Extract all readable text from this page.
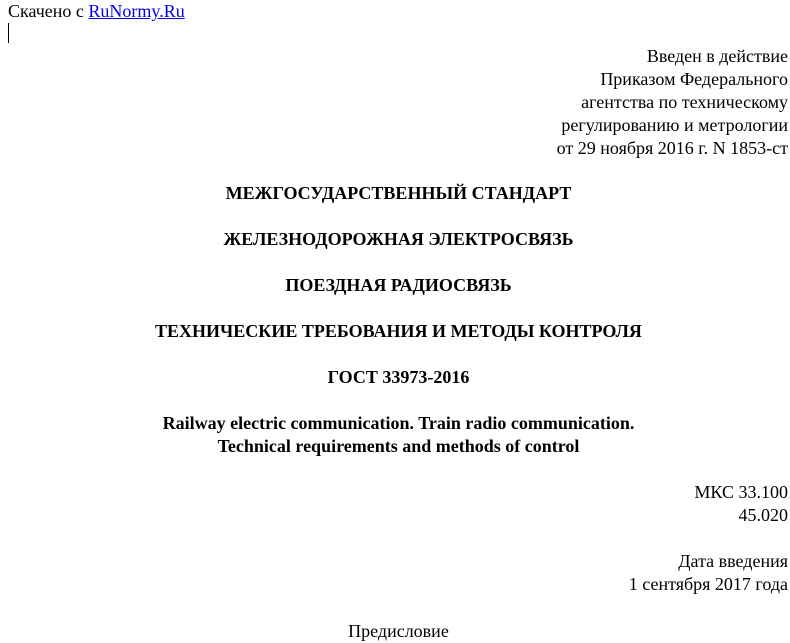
Скачено с RuNormy.Ru
Введен в действие
Приказом Федерального
агентства по техническому
регулированию и метрологии
от 29 ноября 2016 г. N 1853-ст
МЕЖГОСУДАРСТВЕННЫЙ СТАНДАРТ
ЖЕЛЕЗНОДОРОЖНАЯ ЭЛЕКТРОСВЯЗЬ
ПОЕЗДНАЯ РАДИОСВЯЗЬ
ТЕХНИЧЕСКИЕ ТРЕБОВАНИЯ И МЕТОДЫ КОНТРОЛЯ
ГОСТ 33973-2016
Railway electric communication. Train radio communication.
Technical requirements and methods of control
МКС 33.100
45.020
Дата введения
1 сентября 2017 года
Предисловие
